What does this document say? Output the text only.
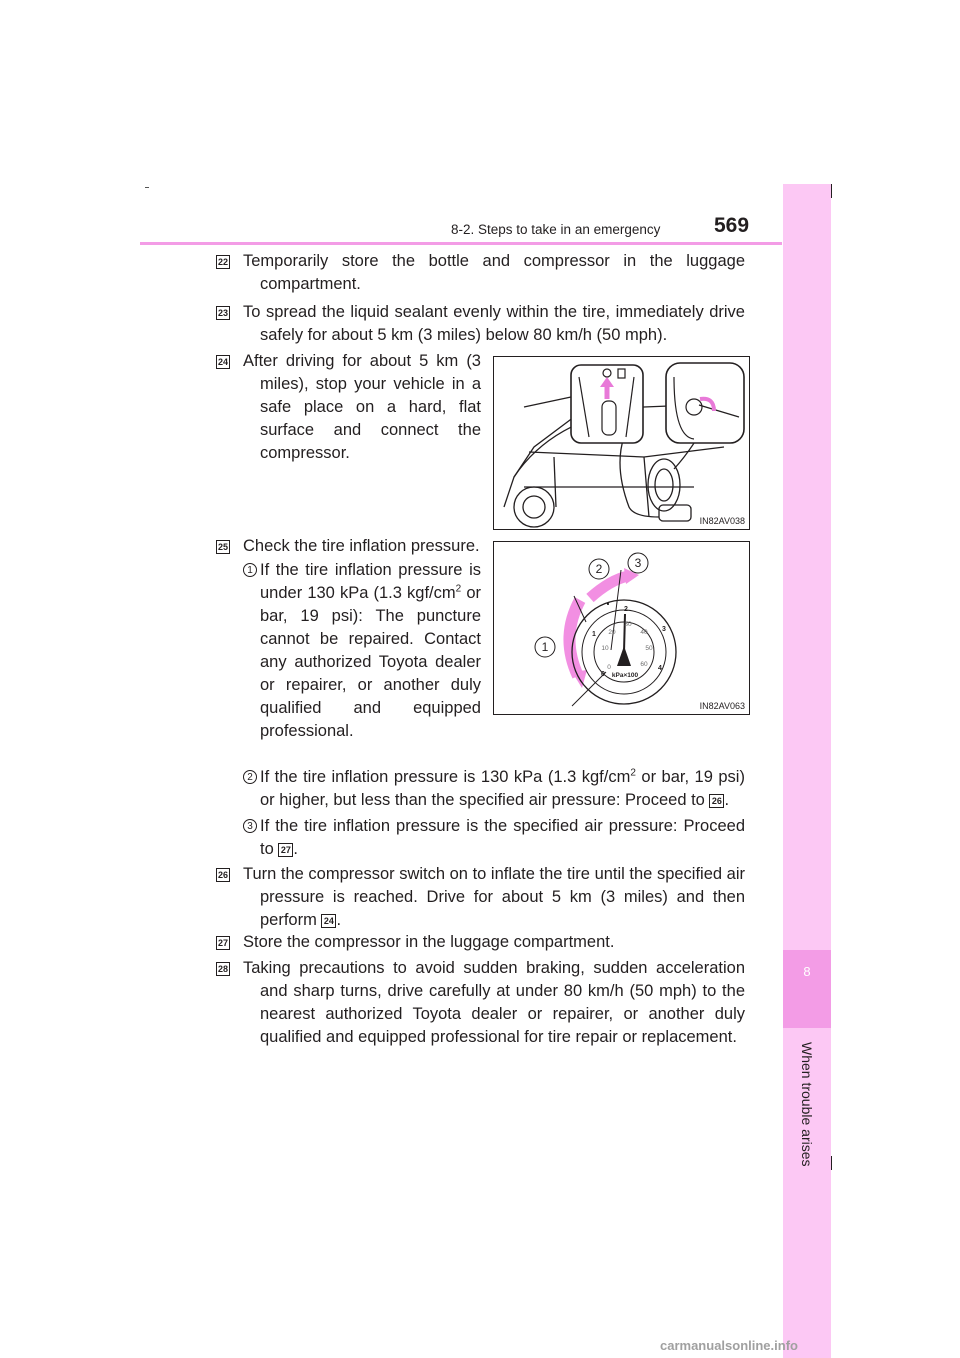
8
When trouble arises
8-2. Steps to take in an emergency	569
22 Temporarily store the bottle and compressor in the luggage compartment.
23 To spread the liquid sealant evenly within the tire, immediately drive safely for about 5 km (3 miles) below 80 km/h (50 mph).
24 After driving for about 5 km (3 miles), stop your vehicle in a safe place on a hard, flat surface and connect the compressor.
IN82AV038
25 Check the tire inflation pressure.
1 If the tire inflation pressure is under 130 kPa (1.3 kgf/$cm^2$ or bar, 19 psi): The puncture cannot be repaired. Contact any authorized Toyota dealer or repairer, or another duly qualified and equipped professional.
2	3
1
0
1
2
3
4
0
10
20
30
40
50
60
kPa×100
IN82AV063
2 If the tire inflation pressure is 130 kPa (1.3 kgf/$cm^2$ or bar, 19 psi) or higher, but less than the specified air pressure: Proceed to 26 .
3 If the tire inflation pressure is the specified air pressure: Proceed to 27 .
26 Turn the compressor switch on to inflate the tire until the specified air pressure is reached. Drive for about 5 km (3 miles) and then perform 24 .
27 Store the compressor in the luggage compartment.
28 Taking precautions to avoid sudden braking, sudden acceleration and sharp turns, drive carefully at under 80 km/h (50 mph) to the nearest authorized Toyota dealer or repairer, or another duly qualified and equipped professional for tire repair or replacement.
carmanualsonline.info
